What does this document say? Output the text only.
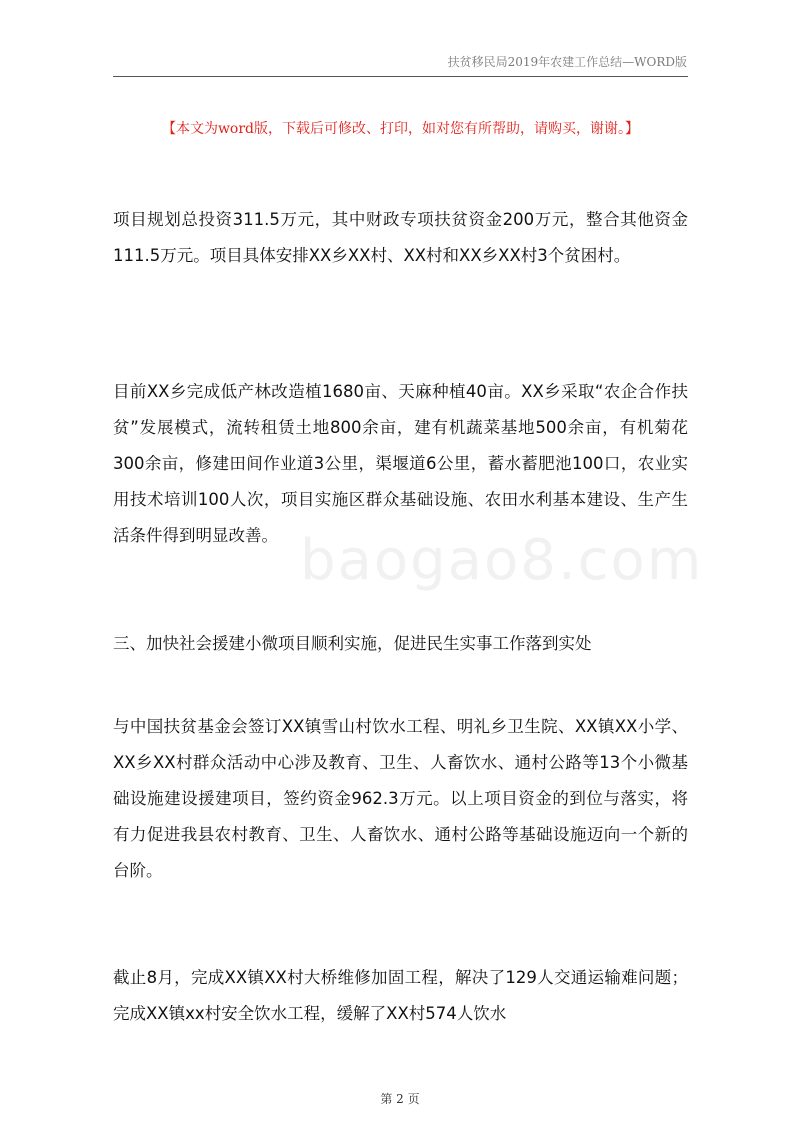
扶贫移民局2019年农建工作总结—WORD版
【本文为word版，下载后可修改、打印，如对您有所帮助，请购买，谢谢。】
baogao8.com

项目规划总投资311.5万元，其中财政专项扶贫资金200万元，整合其他资金111.5万元。项目具体安排XX乡XX村、XX村和XX乡XX村3个贫困村。

目前XX乡完成低产林改造植1680亩、天麻种植40亩。XX乡采取“农企合作扶贫”发展模式，流转租赁土地800余亩，建有机蔬菜基地500余亩，有机菊花300余亩，修建田间作业道3公里，渠堰道6公里，蓄水蓄肥池100口，农业实用技术培训100人次，项目实施区群众基础设施、农田水利基本建设、生产生活条件得到明显改善。

三、加快社会援建小微项目顺利实施，促进民生实事工作落到实处

与中国扶贫基金会签订XX镇雪山村饮水工程、明礼乡卫生院、XX镇XX小学、XX乡XX村群众活动中心涉及教育、卫生、人畜饮水、通村公路等13个小微基础设施建设援建项目，签约资金962.3万元。以上项目资金的到位与落实，将有力促进我县农村教育、卫生、人畜饮水、通村公路等基础设施迈向一个新的台阶。

截止8月，完成XX镇XX村大桥维修加固工程，解决了129人交通运输难问题；完成XX镇xx村安全饮水工程，缓解了XX村574人饮水

第 2 页
